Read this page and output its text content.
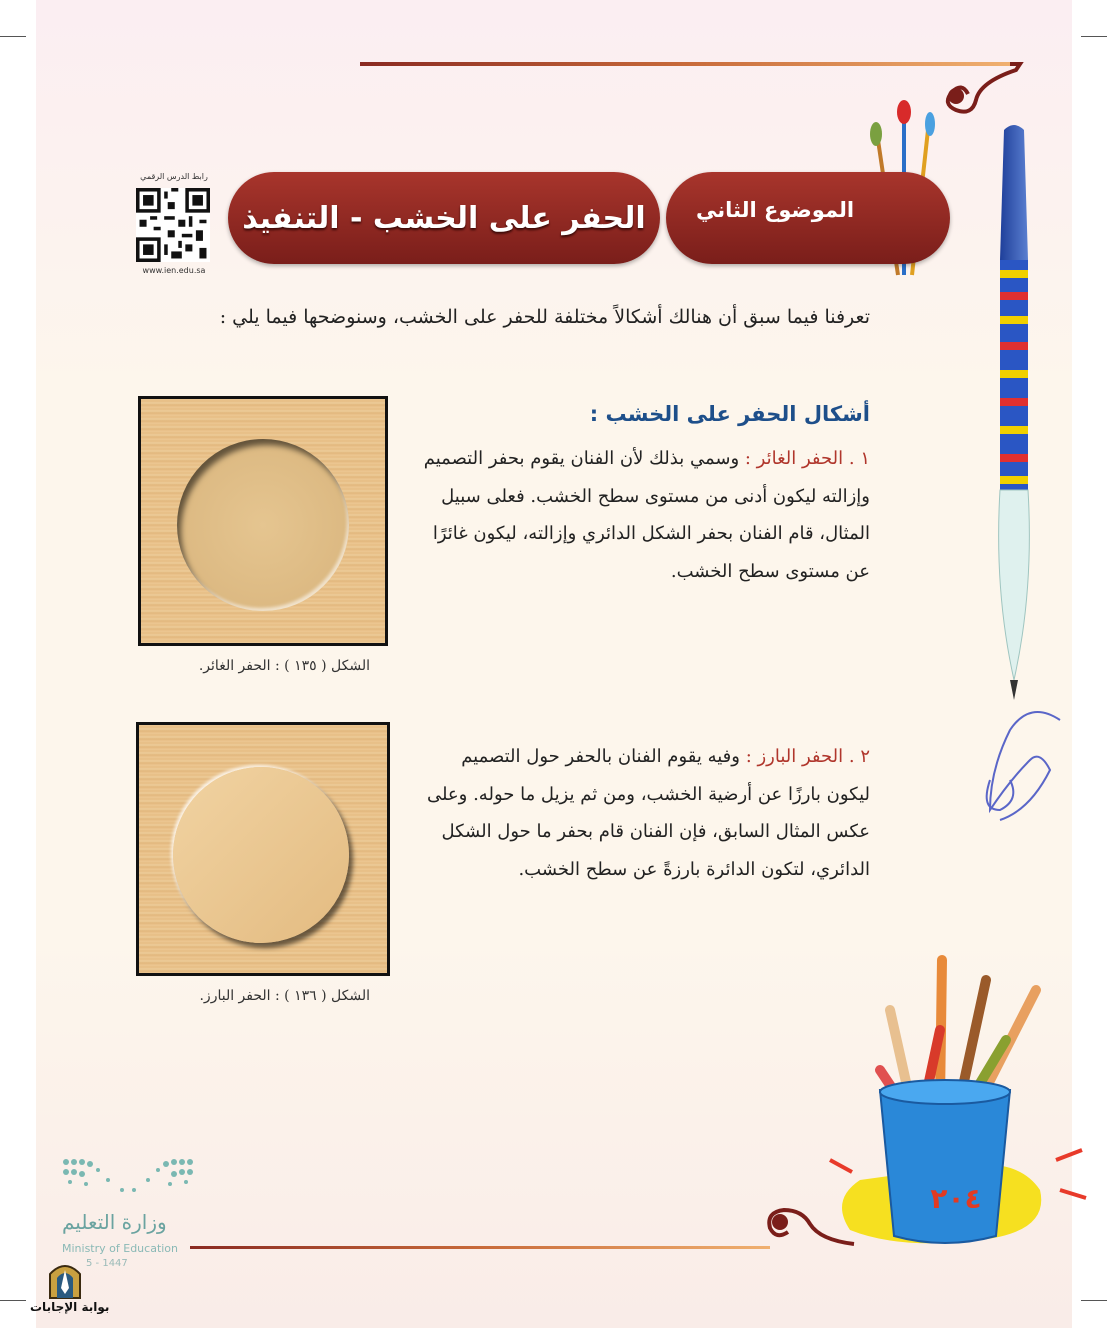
الموضوع الثاني
الحفر على الخشب - التنفيذ
رابط الدرس الرقمي
www.ien.edu.sa
تعرفنا فيما سبق أن هنالك أشكالاً مختلفة للحفر على الخشب، وسنوضحها فيما يلي :
أشكال الحفر على الخشب :
١ . الحفر الغائر : وسمي بذلك لأن الفنان يقوم بحفر التصميم وإزالته ليكون أدنى من مستوى سطح الخشب. فعلى سبيل المثال، قام الفنان بحفر الشكل الدائري وإزالته، ليكون غائرًا عن مستوى سطح الخشب.
٢ . الحفر البارز : وفيه يقوم الفنان بالحفر حول التصميم ليكون بارزًا عن أرضية الخشب، ومن ثم يزيل ما حوله. وعلى عكس المثال السابق، فإن الفنان قام بحفر ما حول الشكل الدائري، لتكون الدائرة بارزةً عن سطح الخشب.
الشكل ( ١٣٥ ) : الحفر الغائر.
الشكل ( ١٣٦ ) : الحفر البارز.
٢٠٤
وزارة التعليم
Ministry of Education
5 - 1447
بوابة الإجابات
